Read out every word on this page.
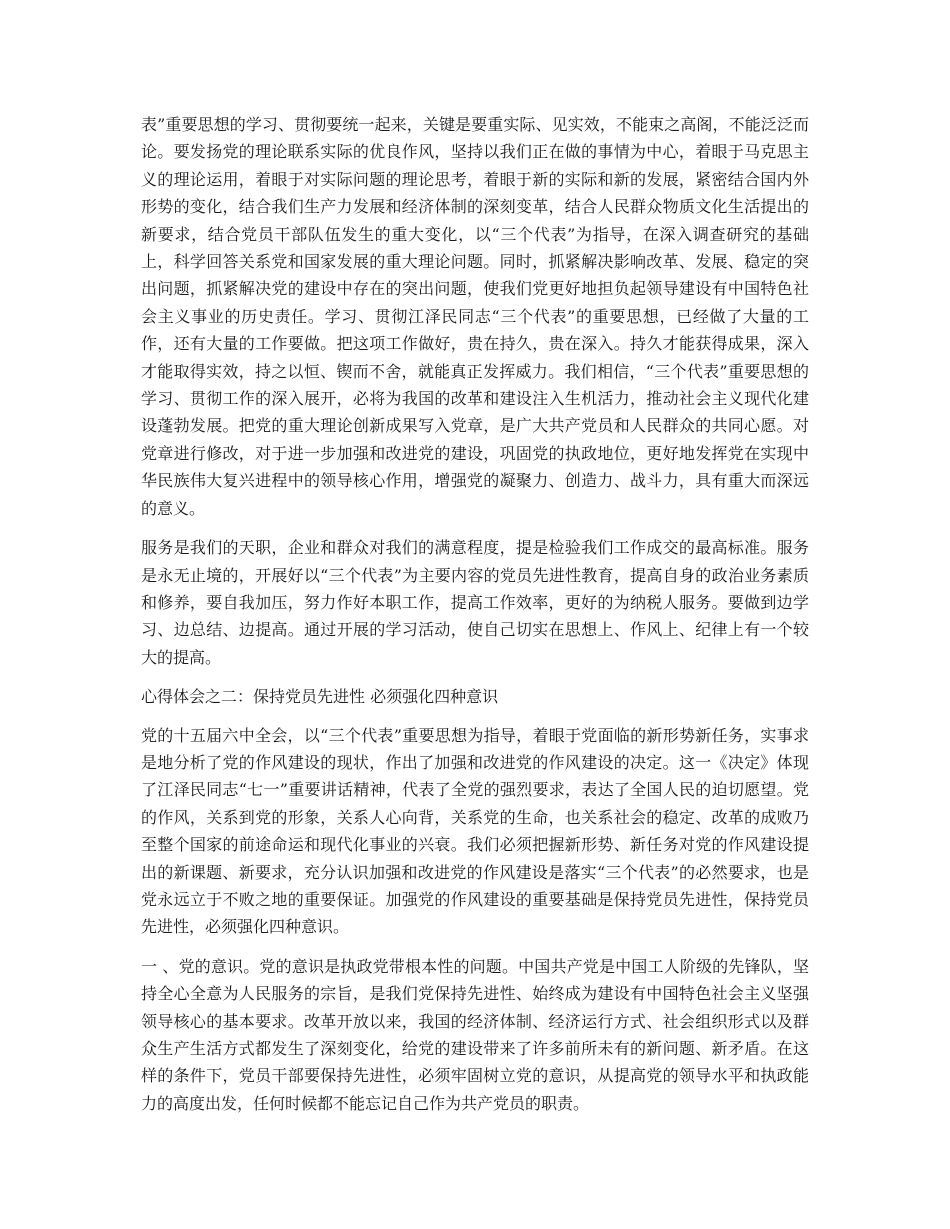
表”重要思想的学习、贯彻要统一起来，关键是要重实际、见实效，不能束之高阁，不能泛泛而论。要发扬党的理论联系实际的优良作风，坚持以我们正在做的事情为中心，着眼于马克思主义的理论运用，着眼于对实际问题的理论思考，着眼于新的实际和新的发展，紧密结合国内外形势的变化，结合我们生产力发展和经济体制的深刻变革，结合人民群众物质文化生活提出的新要求，结合党员干部队伍发生的重大变化，以“三个代表”为指导，在深入调查研究的基础上，科学回答关系党和国家发展的重大理论问题。同时，抓紧解决影响改革、发展、稳定的突出问题，抓紧解决党的建设中存在的突出问题，使我们党更好地担负起领导建设有中国特色社会主义事业的历史责任。学习、贯彻江泽民同志“三个代表”的重要思想，已经做了大量的工作，还有大量的工作要做。把这项工作做好，贵在持久，贵在深入。持久才能获得成果，深入才能取得实效，持之以恒、锲而不舍，就能真正发挥威力。我们相信，“三个代表”重要思想的学习、贯彻工作的深入展开，必将为我国的改革和建设注入生机活力，推动社会主义现代化建设蓬勃发展。把党的重大理论创新成果写入党章，是广大共产党员和人民群众的共同心愿。对党章进行修改，对于进一步加强和改进党的建设，巩固党的执政地位，更好地发挥党在实现中华民族伟大复兴进程中的领导核心作用，增强党的凝聚力、创造力、战斗力，具有重大而深远的意义。

服务是我们的天职，企业和群众对我们的满意程度，提是检验我们工作成交的最高标准。服务是永无止境的，开展好以“三个代表”为主要内容的党员先进性教育，提高自身的政治业务素质和修养，要自我加压，努力作好本职工作，提高工作效率，更好的为纳税人服务。要做到边学习、边总结、边提高。通过开展的学习活动，使自己切实在思想上、作风上、纪律上有一个较大的提高。

心得体会之二：保持党员先进性 必须强化四种意识

党的十五届六中全会，以“三个代表”重要思想为指导，着眼于党面临的新形势新任务，实事求是地分析了党的作风建设的现状，作出了加强和改进党的作风建设的决定。这一《决定》体现了江泽民同志“七一”重要讲话精神，代表了全党的强烈要求，表达了全国人民的迫切愿望。党的作风，关系到党的形象，关系人心向背，关系党的生命，也关系社会的稳定、改革的成败乃至整个国家的前途命运和现代化事业的兴衰。我们必须把握新形势、新任务对党的作风建设提出的新课题、新要求，充分认识加强和改进党的作风建设是落实“三个代表”的必然要求，也是党永远立于不败之地的重要保证。加强党的作风建设的重要基础是保持党员先进性，保持党员先进性，必须强化四种意识。

一 、党的意识。党的意识是执政党带根本性的问题。中国共产党是中国工人阶级的先锋队，坚持全心全意为人民服务的宗旨，是我们党保持先进性、始终成为建设有中国特色社会主义坚强领导核心的基本要求。改革开放以来，我国的经济体制、经济运行方式、社会组织形式以及群众生产生活方式都发生了深刻变化，给党的建设带来了许多前所未有的新问题、新矛盾。在这样的条件下，党员干部要保持先进性，必须牢固树立党的意识，从提高党的领导水平和执政能力的高度出发，任何时候都不能忘记自己作为共产党员的职责。
